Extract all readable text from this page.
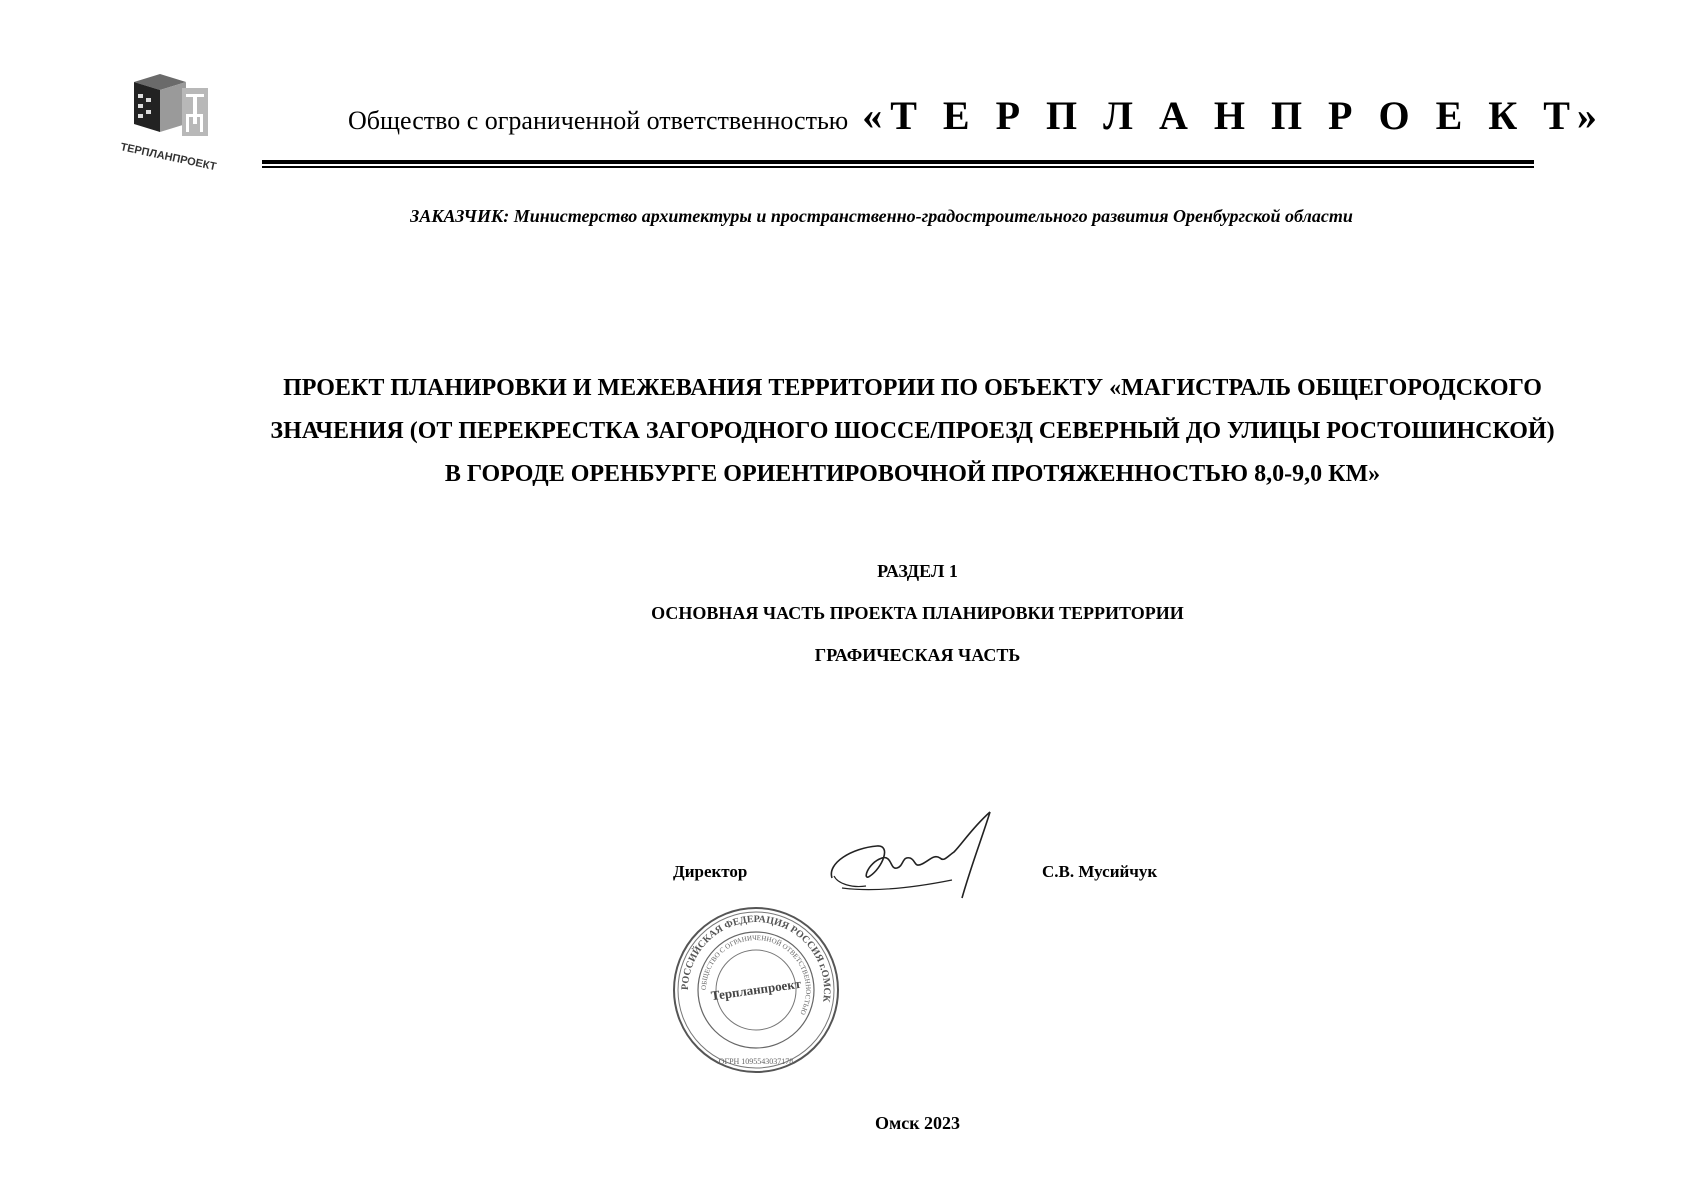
ТЕРПЛАНПРОЕКТ
Общество с ограниченной ответственностью «Т Е Р П Л А Н П Р О Е К Т»
ЗАКАЗЧИК: Министерство архитектуры и пространственно-градостроительного развития Оренбургской области
ПРОЕКТ ПЛАНИРОВКИ И МЕЖЕВАНИЯ ТЕРРИТОРИИ ПО ОБЪЕКТУ «МАГИСТРАЛЬ ОБЩЕГОРОДСКОГО
ЗНАЧЕНИЯ (ОТ ПЕРЕКРЕСТКА ЗАГОРОДНОГО ШОССЕ/ПРОЕЗД СЕВЕРНЫЙ ДО УЛИЦЫ РОСТОШИНСКОЙ)
В ГОРОДЕ ОРЕНБУРГЕ ОРИЕНТИРОВОЧНОЙ ПРОТЯЖЕННОСТЬЮ 8,0-9,0 КМ»
РАЗДЕЛ 1
ОСНОВНАЯ ЧАСТЬ ПРОЕКТА ПЛАНИРОВКИ ТЕРРИТОРИИ
ГРАФИЧЕСКАЯ ЧАСТЬ
Директор	С.В. Мусийчук
РОССИЙСКАЯ ФЕДЕРАЦИЯ РОССИЯ г.ОМСК
ОБЩЕСТВО С ОГРАНИЧЕННОЙ ОТВЕТСТВЕННОСТЬЮ
Терпланпроект
ОГРН 1095543037178
Омск 2023
